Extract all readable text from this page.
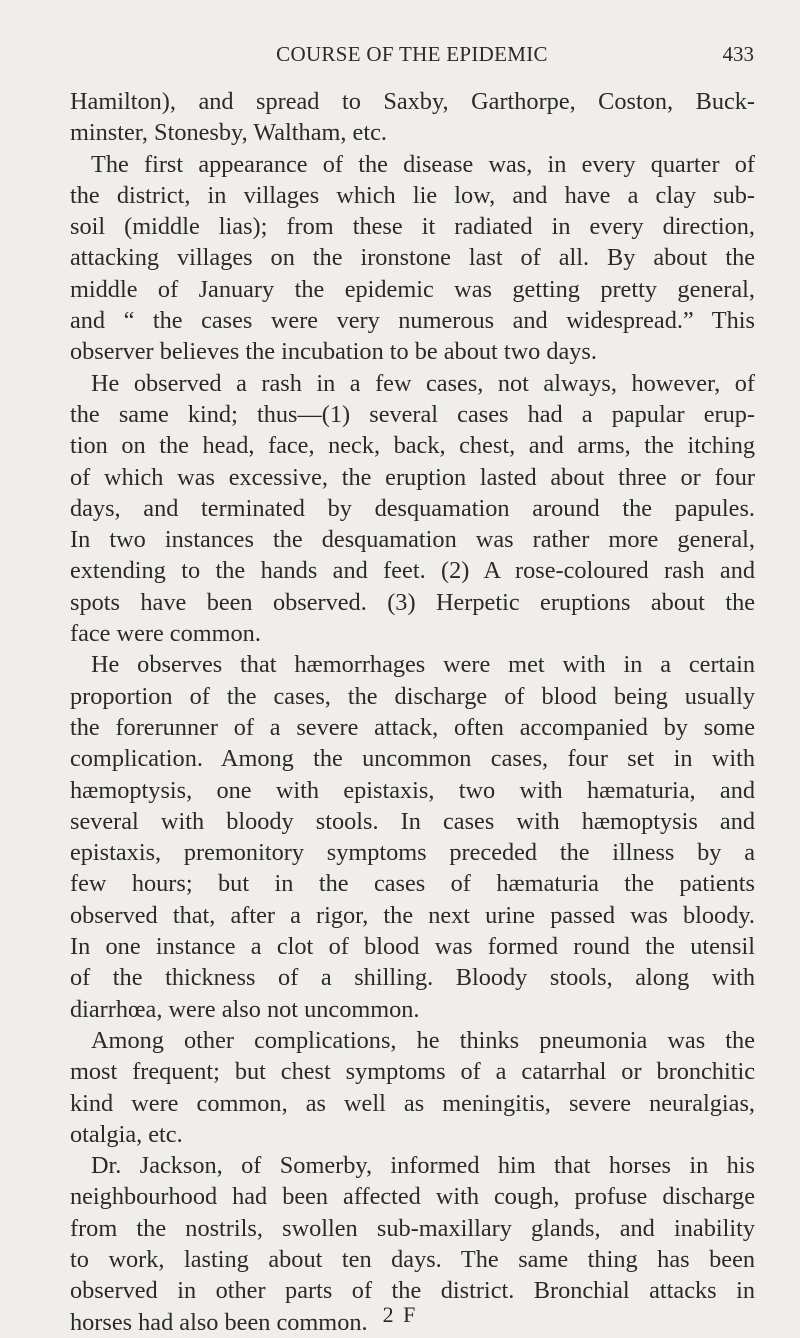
COURSE OF THE EPIDEMIC	433
Hamilton), and spread to Saxby, Garthorpe, Coston, Buck-
minster, Stonesby, Waltham, etc.
The first appearance of the disease was, in every quarter of
the district, in villages which lie low, and have a clay sub-
soil (middle lias); from these it radiated in every direction,
attacking villages on the ironstone last of all. By about the
middle of January the epidemic was getting pretty general,
and “ the cases were very numerous and widespread.” This
observer believes the incubation to be about two days.
He observed a rash in a few cases, not always, however, of
the same kind; thus—(1) several cases had a papular erup-
tion on the head, face, neck, back, chest, and arms, the itching
of which was excessive, the eruption lasted about three or four
days, and terminated by desquamation around the papules.
In two instances the desquamation was rather more general,
extending to the hands and feet. (2) A rose-coloured rash and
spots have been observed. (3) Herpetic eruptions about the
face were common.
He observes that hæmorrhages were met with in a certain
proportion of the cases, the discharge of blood being usually
the forerunner of a severe attack, often accompanied by some
complication. Among the uncommon cases, four set in with
hæmoptysis, one with epistaxis, two with hæmaturia, and
several with bloody stools. In cases with hæmoptysis and
epistaxis, premonitory symptoms preceded the illness by a
few hours; but in the cases of hæmaturia the patients
observed that, after a rigor, the next urine passed was bloody.
In one instance a clot of blood was formed round the utensil
of the thickness of a shilling. Bloody stools, along with
diarrhœa, were also not uncommon.
Among other complications, he thinks pneumonia was the
most frequent; but chest symptoms of a catarrhal or bronchitic
kind were common, as well as meningitis, severe neuralgias,
otalgia, etc.
Dr. Jackson, of Somerby, informed him that horses in his
neighbourhood had been affected with cough, profuse discharge
from the nostrils, swollen sub-maxillary glands, and inability
to work, lasting about ten days. The same thing has been
observed in other parts of the district. Bronchial attacks in
horses had also been common. 2 F
